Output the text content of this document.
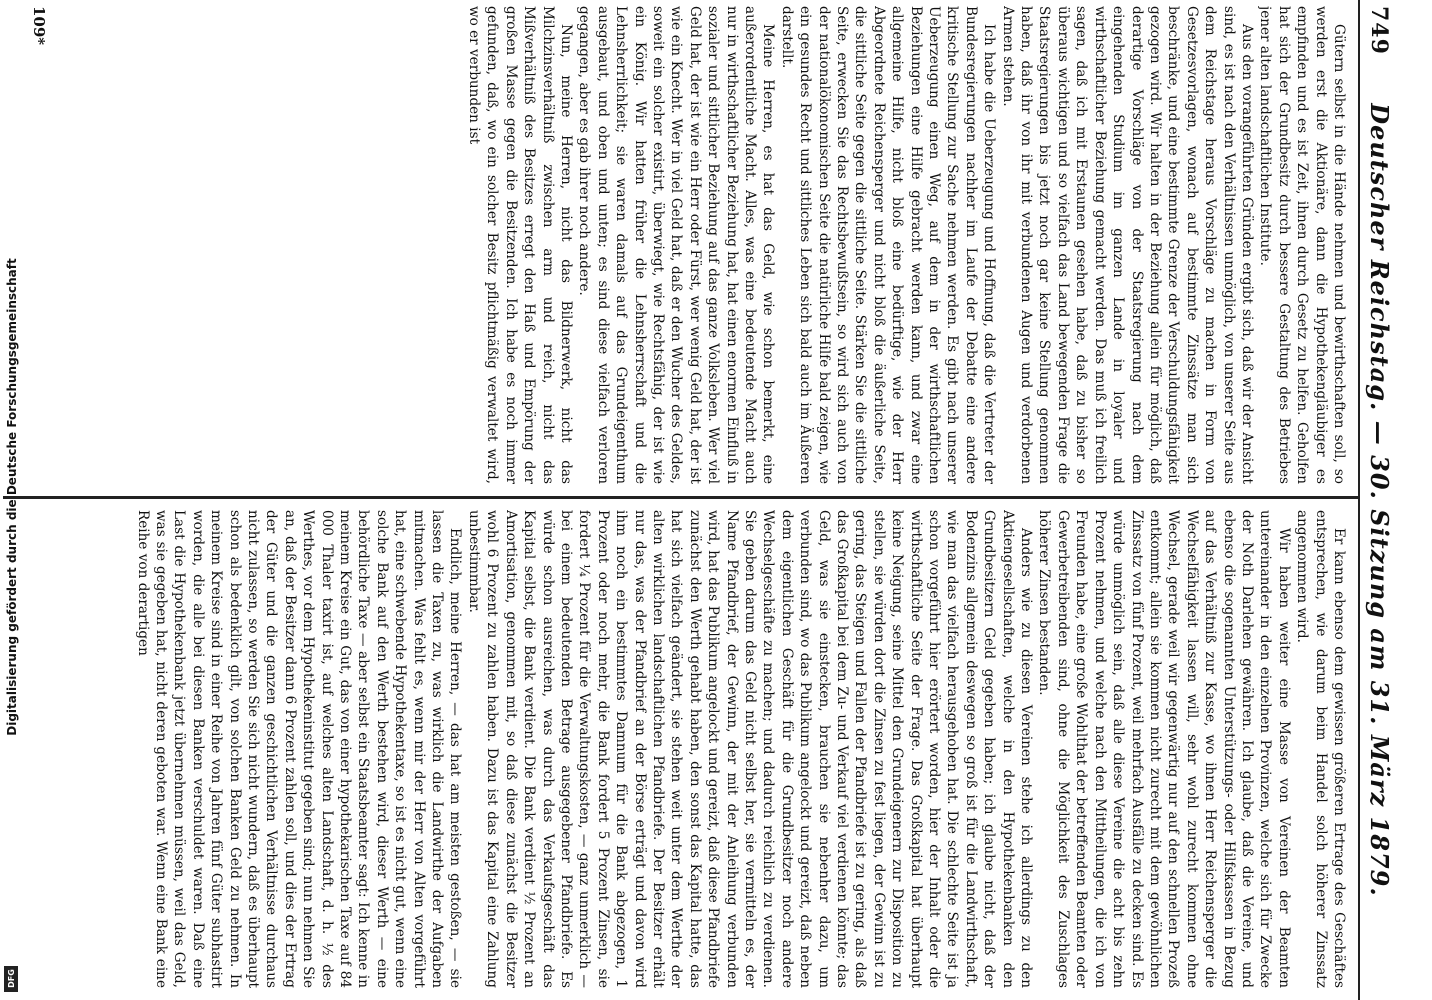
749
Deutscher Reichstag. — 30. Sitzung am 31. März 1879.

Gütern selbst in die Hände nehmen und bewirthschaften soll, so werden erst die Aktionäre, dann die Hypothekengläubiger es empfinden und es ist Zeit, ihnen durch Gesetz zu helfen. Geholfen hat sich der Grundbesitz durch bessere Gestaltung des Betriebes jener alten landschaftlichen Institute.

Aus den vorangeführten Gründen ergibt sich, daß wir der Ansicht sind, es ist nach den Verhältnissen unmöglich, von unserer Seite aus dem Reichstage heraus Vorschläge zu machen in Form von Gesetzesvorlagen, wonach auf bestimmte Zinssätze man sich beschränke, und eine bestimmte Grenze der Verschuldungsfähigkeit gezogen wird. Wir halten in der Beziehung allein für möglich, daß derartige Vorschläge von der Staatsregierung nach dem eingehenden Studium im ganzen Lande in loyaler und wirthschaftlicher Beziehung gemacht werden. Das muß ich freilich sagen, daß ich mit Erstaunen gesehen habe, daß zu bisher so überaus wichtigen und so vielfach das Land bewegenden Frage die Staatsregierungen bis jetzt noch gar keine Stellung genommen haben, daß ihr von ihr mit verbundenen Augen und verdorbenen Armen stehen.

Ich habe die Ueberzeugung und Hoffnung, daß die Vertreter der Bundesregierungen nachher im Laufe der Debatte eine andere kritische Stellung zur Sache nehmen werden. Es gibt nach unserer Ueberzeugung einen Weg, auf dem in der wirthschaftlichen Beziehungen eine Hilfe gebracht werden kann, und zwar eine allgemeine Hilfe, nicht bloß eine bedürftige, wie der Herr Abgeordnete Reichensperger und nicht bloß die äußerliche Seite, die sittliche Seite gegen die sittliche Seite. Stärken Sie die sittliche Seite, erwecken Sie das Rechtsbewußtsein, so wird sich auch von der nationalökonomischen Seite die natürliche Hilfe bald zeigen, wie ein gesundes Recht und sittliches Leben sich bald auch im Äußeren darstellt.

Meine Herren, es hat das Geld, wie schon bemerkt, eine außerordentliche Macht. Alles, was eine bedeutende Macht auch nur in wirthschaftlicher Beziehung hat, hat einen enormen Einfluß in sozialer und sittlicher Beziehung auf das ganze Volksleben. Wer viel Geld hat, der ist wie ein Herr oder Fürst, wer wenig Geld hat, der ist wie ein Knecht. Wer in viel Geld hat, daß er den Wucher des Geldes, soweit ein solcher existirt, überwiegt, wie Rechtsfähig, der ist wie ein König. Wir hatten früher die Lehnsherrschaft und die Lehnsherrlichkeit; sie waren damals auf das Grundeigenthum ausgebaut, und oben und unten; es sind diese vielfach verloren gegangen, aber es gab ihrer noch andere.

Nun, meine Herren, nicht das Bildnerwerk, nicht das Milchzinsverhältniß zwischen arm und reich, nicht das Mißverhältniß des Besitzes erregt den Haß und Empörung der großen Masse gegen die Besitzenden. Ich habe es noch immer gefunden, daß, wo ein solcher Besitz pflichtmäßig verwaltet wird, wo er verbunden ist

Er kann ebenso dem gewissen größeren Ertrage des Geschäftes entsprechen, wie darum beim Handel solch höherer Zinssatz angenommen wird.

Wir haben weiter eine Masse von Vereinen der Beamten untereinander in den einzelnen Provinzen, welche sich für Zwecke der Noth Darlehen gewähren. Ich glaube, daß die Vereine, und ebenso die sogenannten Unterstützungs- oder Hilfskassen in Bezug auf das Verhältniß zur Kasse, wo ihnen Herr Reichensperger die Wechselfähigkeit lassen will, sehr wohl zurecht kommen ohne Wechsel, gerade weil wir gegenwärtig nur auf den schnellen Prozeß entkommt; allein sie kommen nicht zurecht mit dem gewöhnlichen Zinssatz von fünf Prozent, weil mehrfach Ausfälle zu decken sind. Es würde unmöglich sein, daß alle diese Vereine die acht bis zehn Prozent nehmen, und welche nach den Mittheilungen, die ich von Freunden habe, eine große Wohlthat der betreffenden Beamten oder Gewerbetreibenden sind, ohne die Möglichkeit des Zuschlages höherer Zinsen bestanden.

Anders wie zu diesen Vereinen stehe ich allerdings zu den Aktiengesellschaften, welche in den Hypothekenbanken den Grundbesitzern Geld gegeben haben; ich glaube nicht, daß der Bodenzins allgemein deswegen so groß ist für die Landwirthschaft, wie man das vielfach herausgehoben hat. Die schlechte Seite ist ja schon vorgeführt hier erörtert worden, hier der Inhalt oder die wirthschaftliche Seite der Frage. Das Großkapital hat überhaupt keine Neigung, seine Mittel den Grundeigenern zur Disposition zu stellen, sie würden dort die Zinsen zu fest liegen, der Gewinn ist zu gering, das Steigen und Fallen der Pfandbriefe ist zu gering, als daß das Großkapital bei dem Zu- und Verkauf viel verdienen könnte; das Geld, was sie einstecken, brauchen sie nebenher dazu, um verbunden sind, wo das Publikum angelockt und gereizt, daß neben dem eigentlichen Geschäft für die Grundbesitzer noch andere Wechselgeschäfte zu machen; und dadurch reichlich zu verdienen. Sie geben darum das Geld nicht selbst her, sie vermitteln es, der Name Pfandbrief, der Gewinn, der mit der Anleihung verbunden wird, hat das Publikum angelockt und gereizt, daß diese Pfandbriefe zunächst den Werth gehabt haben, den sonst das Kapital hatte, das hat sich vielfach geändert, sie stehen weit unter dem Werthe der alten wirklichen landschaftlichen Pfandbriefe. Der Besitzer erhält nur das, was der Pfandbrief an der Börse erträgt und davon wird ihm noch ein bestimmtes Damnum für die Bank abgezogen, 1 Prozent oder noch mehr, die Bank fordert 5 Prozent Zinsen, sie fordert ¼ Prozent für die Verwaltungskosten, — ganz unmerklich — bei einem bedeutenden Betrage ausgegebener Pfandbriefe. Es würde schon ausreichen, was durch das Verkaufsgeschäft das Kapital selbst, die Bank verdient. Die Bank verdient ½ Prozent an Amortisation, genommen mit, so daß diese zunächst die Besitzer wohl 6 Prozent zu zahlen haben. Dazu ist das Kapital eine Zahlung unbestimmbar.

Endlich, meine Herren, — das hat am meisten gestoßen, — sie lassen die Taxen zu, was wirklich die Landwirthe der Aufgaben mitmachen. Was fehlt es, wenn mir der Herr von Alten vorgeführt hat, eine schwebende Hypothekentaxe, so ist es nicht gut, wenn eine solche Bank auf den Werth bestehen wird, dieser Werth — eine behördliche Taxe — aber selbst ein Staatsbeamter sagt: Ich kenne in meinem Kreise ein Gut, das von einer hypothekarischen Taxe auf 84 000 Thaler taxirt ist, auf welches alten Landschaft, d. h. ½ des Werthes, vor dem Hypothekeninstitut gegeben sind; nun nehmen Sie an, daß der Besitzer dann 6 Prozent zahlen soll, und dies der Ertrag der Güter und die ganzen geschichtlichen Verhältnisse durchaus nicht zulassen, so werden Sie sich nicht wundern, daß es überhaupt schon als bedenklich gilt, von solchen Banken Geld zu nehmen. In meinem Kreise sind in einer Reihe von Jahren fünf Güter subhastirt worden, die alle bei diesen Banken verschuldet waren. Daß eine Last die Hypothekenbank jetzt übernehmen müssen, weil das Geld, was sie gegeben hat, nicht deren geboten war. Wenn eine Bank eine Reihe von derartigen

109*
Digitalisierung gefördert durch die Deutsche Forschungsgemeinschaft
DFG
